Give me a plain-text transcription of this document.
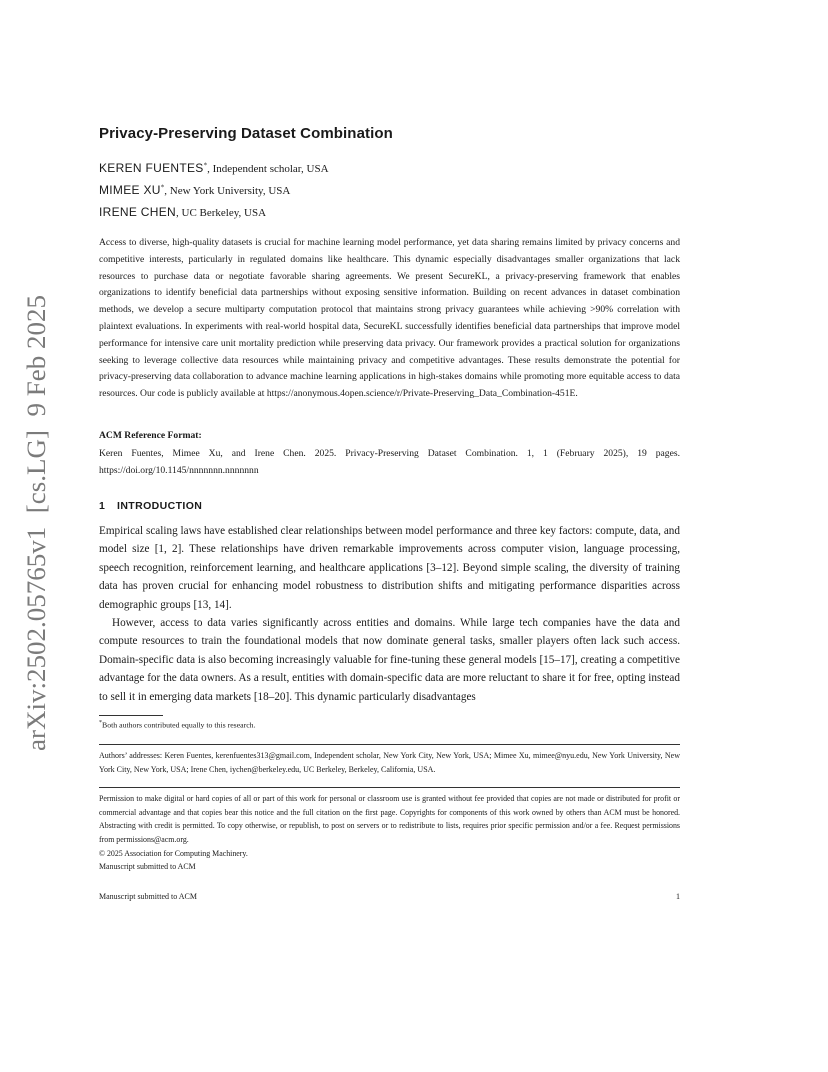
arXiv:2502.05765v1  [cs.LG]  9 Feb 2025
Privacy-Preserving Dataset Combination
KEREN FUENTES*, Independent scholar, USA
MIMEE XU*, New York University, USA
IRENE CHEN, UC Berkeley, USA

Access to diverse, high-quality datasets is crucial for machine learning model performance, yet data sharing remains limited by privacy concerns and competitive interests, particularly in regulated domains like healthcare. This dynamic especially disadvantages smaller organizations that lack resources to purchase data or negotiate favorable sharing agreements. We present SecureKL, a privacy-preserving framework that enables organizations to identify beneficial data partnerships without exposing sensitive information. Building on recent advances in dataset combination methods, we develop a secure multiparty computation protocol that maintains strong privacy guarantees while achieving >90% correlation with plaintext evaluations. In experiments with real-world hospital data, SecureKL successfully identifies beneficial data partnerships that improve model performance for intensive care unit mortality prediction while preserving data privacy. Our framework provides a practical solution for organizations seeking to leverage collective data resources while maintaining privacy and competitive advantages. These results demonstrate the potential for privacy-preserving data collaboration to advance machine learning applications in high-stakes domains while promoting more equitable access to data resources. Our code is publicly available at https://anonymous.4open.science/r/Private-Preserving_Data_Combination-451E.

ACM Reference Format:

Keren Fuentes, Mimee Xu, and Irene Chen. 2025. Privacy-Preserving Dataset Combination. 1, 1 (February 2025), 19 pages. https://doi.org/10.1145/nnnnnnn.nnnnnnn

1 INTRODUCTION

Empirical scaling laws have established clear relationships between model performance and three key factors: compute, data, and model size [1, 2]. These relationships have driven remarkable improvements across computer vision, language processing, speech recognition, reinforcement learning, and healthcare applications [3–12]. Beyond simple scaling, the diversity of training data has proven crucial for enhancing model robustness to distribution shifts and mitigating performance disparities across demographic groups [13, 14].

However, access to data varies significantly across entities and domains. While large tech companies have the data and compute resources to train the foundational models that now dominate general tasks, smaller players often lack such access. Domain-specific data is also becoming increasingly valuable for fine-tuning these general models [15–17], creating a competitive advantage for the data owners. As a result, entities with domain-specific data are more reluctant to share it for free, opting instead to sell it in emerging data markets [18–20]. This dynamic particularly disadvantages

*Both authors contributed equally to this research.

Authors’ addresses: Keren Fuentes, kerenfuentes313@gmail.com, Independent scholar, New York City, New York, USA; Mimee Xu, mimee@nyu.edu, New York University, New York City, New York, USA; Irene Chen, iychen@berkeley.edu, UC Berkeley, Berkeley, California, USA.

Permission to make digital or hard copies of all or part of this work for personal or classroom use is granted without fee provided that copies are not made or distributed for profit or commercial advantage and that copies bear this notice and the full citation on the first page. Copyrights for components of this work owned by others than ACM must be honored. Abstracting with credit is permitted. To copy otherwise, or republish, to post on servers or to redistribute to lists, requires prior specific permission and/or a fee. Request permissions from permissions@acm.org.

© 2025 Association for Computing Machinery.

Manuscript submitted to ACM

Manuscript submitted to ACM	1
